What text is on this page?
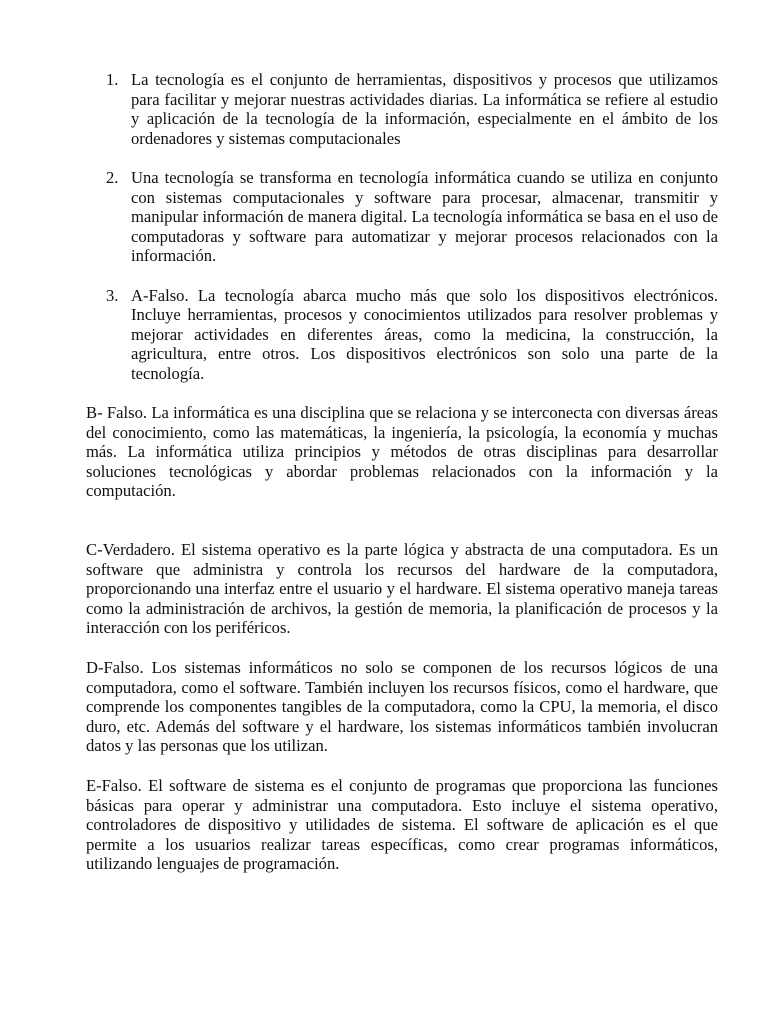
1. La tecnología es el conjunto de herramientas, dispositivos y procesos que utilizamos para facilitar y mejorar nuestras actividades diarias. La informática se refiere al estudio y aplicación de la tecnología de la información, especialmente en el ámbito de los ordenadores y sistemas computacionales
2. Una tecnología se transforma en tecnología informática cuando se utiliza en conjunto con sistemas computacionales y software para procesar, almacenar, transmitir y manipular información de manera digital. La tecnología informática se basa en el uso de computadoras y software para automatizar y mejorar procesos relacionados con la información.
3. A-Falso. La tecnología abarca mucho más que solo los dispositivos electrónicos. Incluye herramientas, procesos y conocimientos utilizados para resolver problemas y mejorar actividades en diferentes áreas, como la medicina, la construcción, la agricultura, entre otros. Los dispositivos electrónicos son solo una parte de la tecnología.

B- Falso. La informática es una disciplina que se relaciona y se interconecta con diversas áreas del conocimiento, como las matemáticas, la ingeniería, la psicología, la economía y muchas más. La informática utiliza principios y métodos de otras disciplinas para desarrollar soluciones tecnológicas y abordar problemas relacionados con la información y la computación.

C-Verdadero. El sistema operativo es la parte lógica y abstracta de una computadora. Es un software que administra y controla los recursos del hardware de la computadora, proporcionando una interfaz entre el usuario y el hardware. El sistema operativo maneja tareas como la administración de archivos, la gestión de memoria, la planificación de procesos y la interacción con los periféricos.

D-Falso. Los sistemas informáticos no solo se componen de los recursos lógicos de una computadora, como el software. También incluyen los recursos físicos, como el hardware, que comprende los componentes tangibles de la computadora, como la CPU, la memoria, el disco duro, etc. Además del software y el hardware, los sistemas informáticos también involucran datos y las personas que los utilizan.

E-Falso. El software de sistema es el conjunto de programas que proporciona las funciones básicas para operar y administrar una computadora. Esto incluye el sistema operativo, controladores de dispositivo y utilidades de sistema. El software de aplicación es el que permite a los usuarios realizar tareas específicas, como crear programas informáticos, utilizando lenguajes de programación.
